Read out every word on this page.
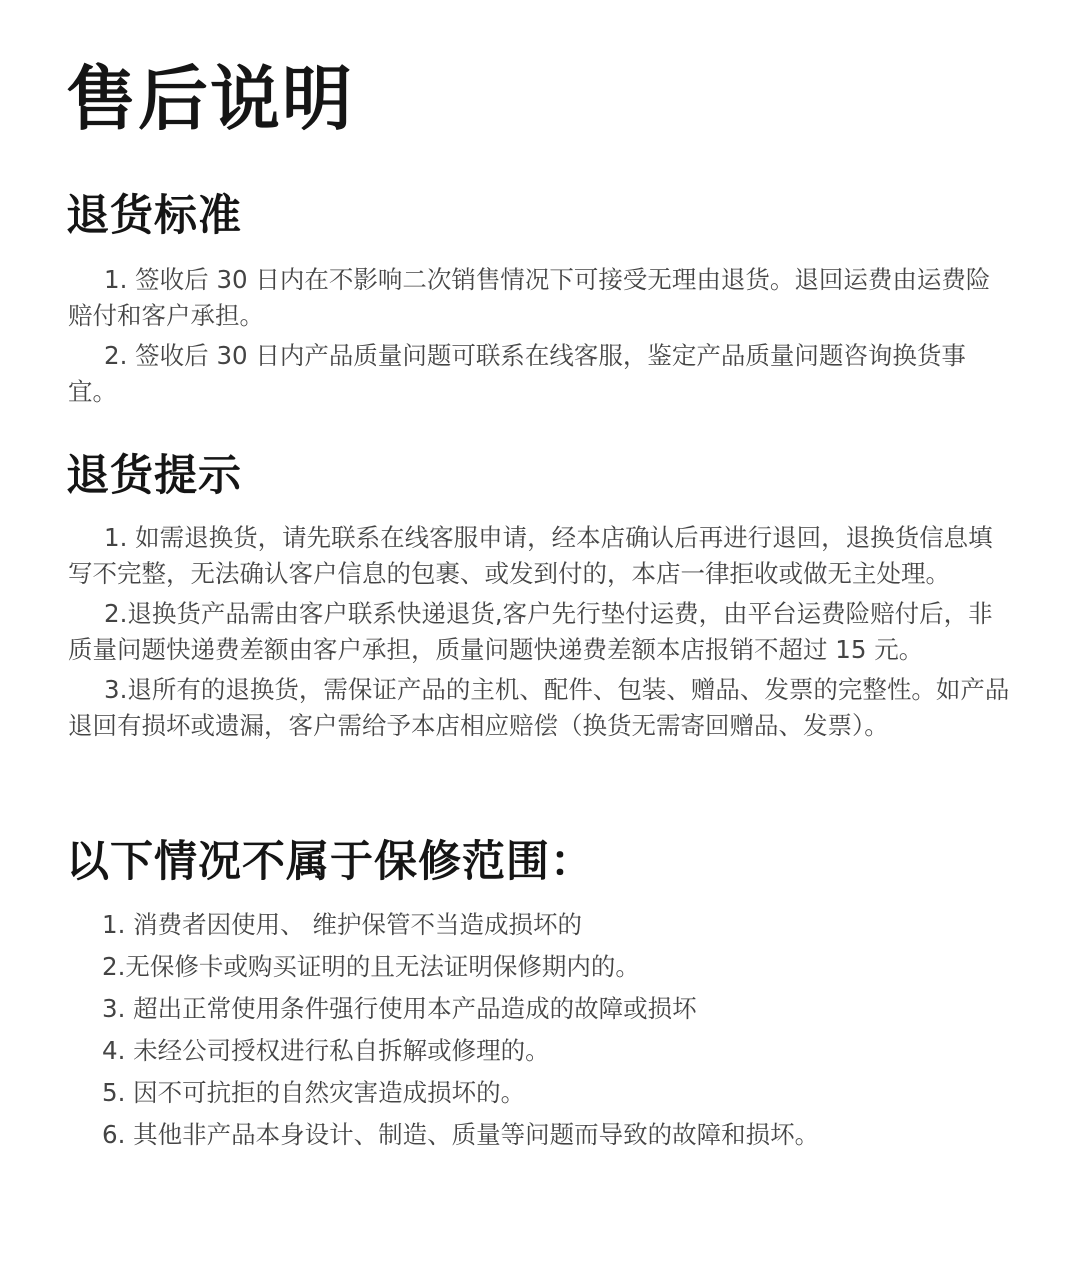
售后说明
退货标准

1. 签收后 30 日内在不影响二次销售情况下可接受无理由退货。退回运费由运费险赔付和客户承担。

2. 签收后 30 日内产品质量问题可联系在线客服，鉴定产品质量问题咨询换货事宜。

退货提示

1. 如需退换货，请先联系在线客服申请，经本店确认后再进行退回，退换货信息填写不完整，无法确认客户信息的包裹、或发到付的，本店一律拒收或做无主处理。

2.退换货产品需由客户联系快递退货,客户先行垫付运费，由平台运费险赔付后，非质量问题快递费差额由客户承担，质量问题快递费差额本店报销不超过 15 元。

3.退所有的退换货，需保证产品的主机、配件、包装、赠品、发票的完整性。如产品退回有损坏或遗漏，客户需给予本店相应赔偿（换货无需寄回赠品、发票）。

以下情况不属于保修范围：
1. 消费者因使用、 维护保管不当造成损坏的
2.无保修卡或购买证明的且无法证明保修期内的。
3. 超出正常使用条件强行使用本产品造成的故障或损坏
4. 未经公司授权进行私自拆解或修理的。
5. 因不可抗拒的自然灾害造成损坏的。
6. 其他非产品本身设计、制造、质量等问题而导致的故障和损坏。
